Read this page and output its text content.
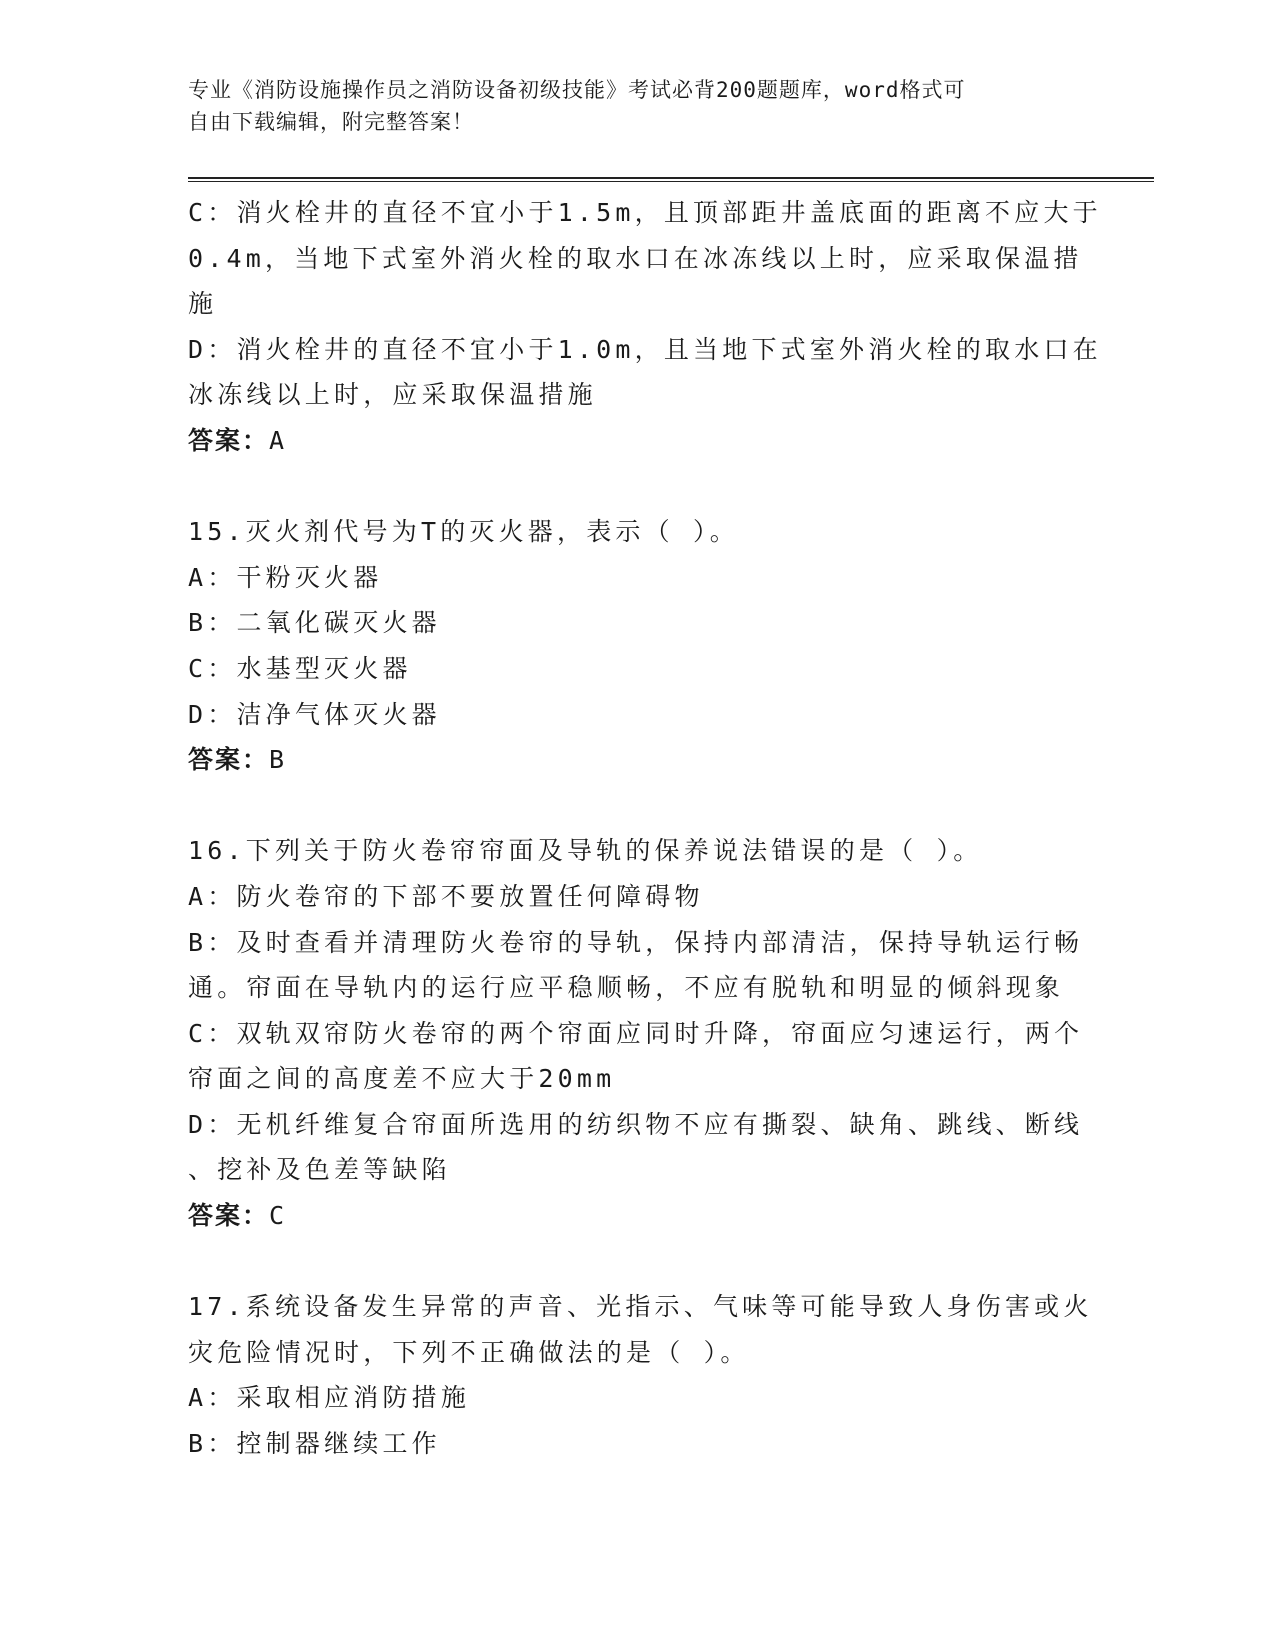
专业《消防设施操作员之消防设备初级技能》考试必背200题题库，word格式可
自由下载编辑，附完整答案！
C：消火栓井的直径不宜小于1.5m，且顶部距井盖底面的距离不应大于
0.4m，当地下式室外消火栓的取水口在冰冻线以上时，应采取保温措
施
D：消火栓井的直径不宜小于1.0m，且当地下式室外消火栓的取水口在
冰冻线以上时，应采取保温措施
答案：A
15.灭火剂代号为T的灭火器，表示（ ）。
A：干粉灭火器
B：二氧化碳灭火器
C：水基型灭火器
D：洁净气体灭火器
答案：B
16.下列关于防火卷帘帘面及导轨的保养说法错误的是（ ）。
A：防火卷帘的下部不要放置任何障碍物
B：及时查看并清理防火卷帘的导轨，保持内部清洁，保持导轨运行畅
通。帘面在导轨内的运行应平稳顺畅，不应有脱轨和明显的倾斜现象
C：双轨双帘防火卷帘的两个帘面应同时升降，帘面应匀速运行，两个
帘面之间的高度差不应大于20mm
D：无机纤维复合帘面所选用的纺织物不应有撕裂、缺角、跳线、断线
、挖补及色差等缺陷
答案：C
17.系统设备发生异常的声音、光指示、气味等可能导致人身伤害或火
灾危险情况时，下列不正确做法的是（ ）。
A：采取相应消防措施
B：控制器继续工作
